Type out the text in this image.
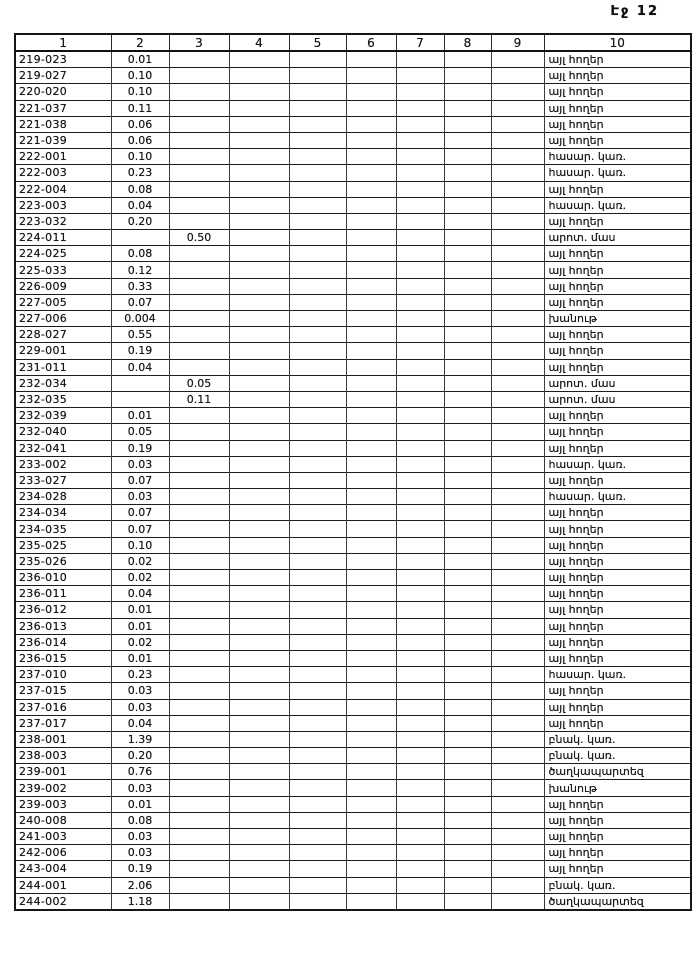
Էջ 12
1	2	3	4	5	6	7	8	9	10
219-023	0.01								այլ հողեր
219-027	0.10								այլ հողեր
220-020	0.10								այլ հողեր
221-037	0.11								այլ հողեր
221-038	0.06								այլ հողեր
221-039	0.06								այլ հողեր
222-001	0.10								հասար. կառ.
222-003	0.23								հասար. կառ.
222-004	0.08								այլ հողեր
223-003	0.04								հասար. կառ.
223-032	0.20								այլ հողեր
224-011		0.50							արոտ. մաս
224-025	0.08								այլ հողեր
225-033	0.12								այլ հողեր
226-009	0.33								այլ հողեր
227-005	0.07								այլ հողեր
227-006	0.004								խանութ
228-027	0.55								այլ հողեր
229-001	0.19								այլ հողեր
231-011	0.04								այլ հողեր
232-034		0.05							արոտ. մաս
232-035		0.11							արոտ. մաս
232-039	0.01								այլ հողեր
232-040	0.05								այլ հողեր
232-041	0.19								այլ հողեր
233-002	0.03								հասար. կառ.
233-027	0.07								այլ հողեր
234-028	0.03								հասար. կառ.
234-034	0.07								այլ հողեր
234-035	0.07								այլ հողեր
235-025	0.10								այլ հողեր
235-026	0.02								այլ հողեր
236-010	0.02								այլ հողեր
236-011	0.04								այլ հողեր
236-012	0.01								այլ հողեր
236-013	0.01								այլ հողեր
236-014	0.02								այլ հողեր
236-015	0.01								այլ հողեր
237-010	0.23								հասար. կառ.
237-015	0.03								այլ հողեր
237-016	0.03								այլ հողեր
237-017	0.04								այլ հողեր
238-001	1.39								բնակ. կառ.
238-003	0.20								բնակ. կառ.
239-001	0.76								ծաղկապարտեզ
239-002	0.03								խանութ
239-003	0.01								այլ հողեր
240-008	0.08								այլ հողեր
241-003	0.03								այլ հողեր
242-006	0.03								այլ հողեր
243-004	0.19								այլ հողեր
244-001	2.06								բնակ. կառ.
244-002	1.18								ծաղկապարտեզ
